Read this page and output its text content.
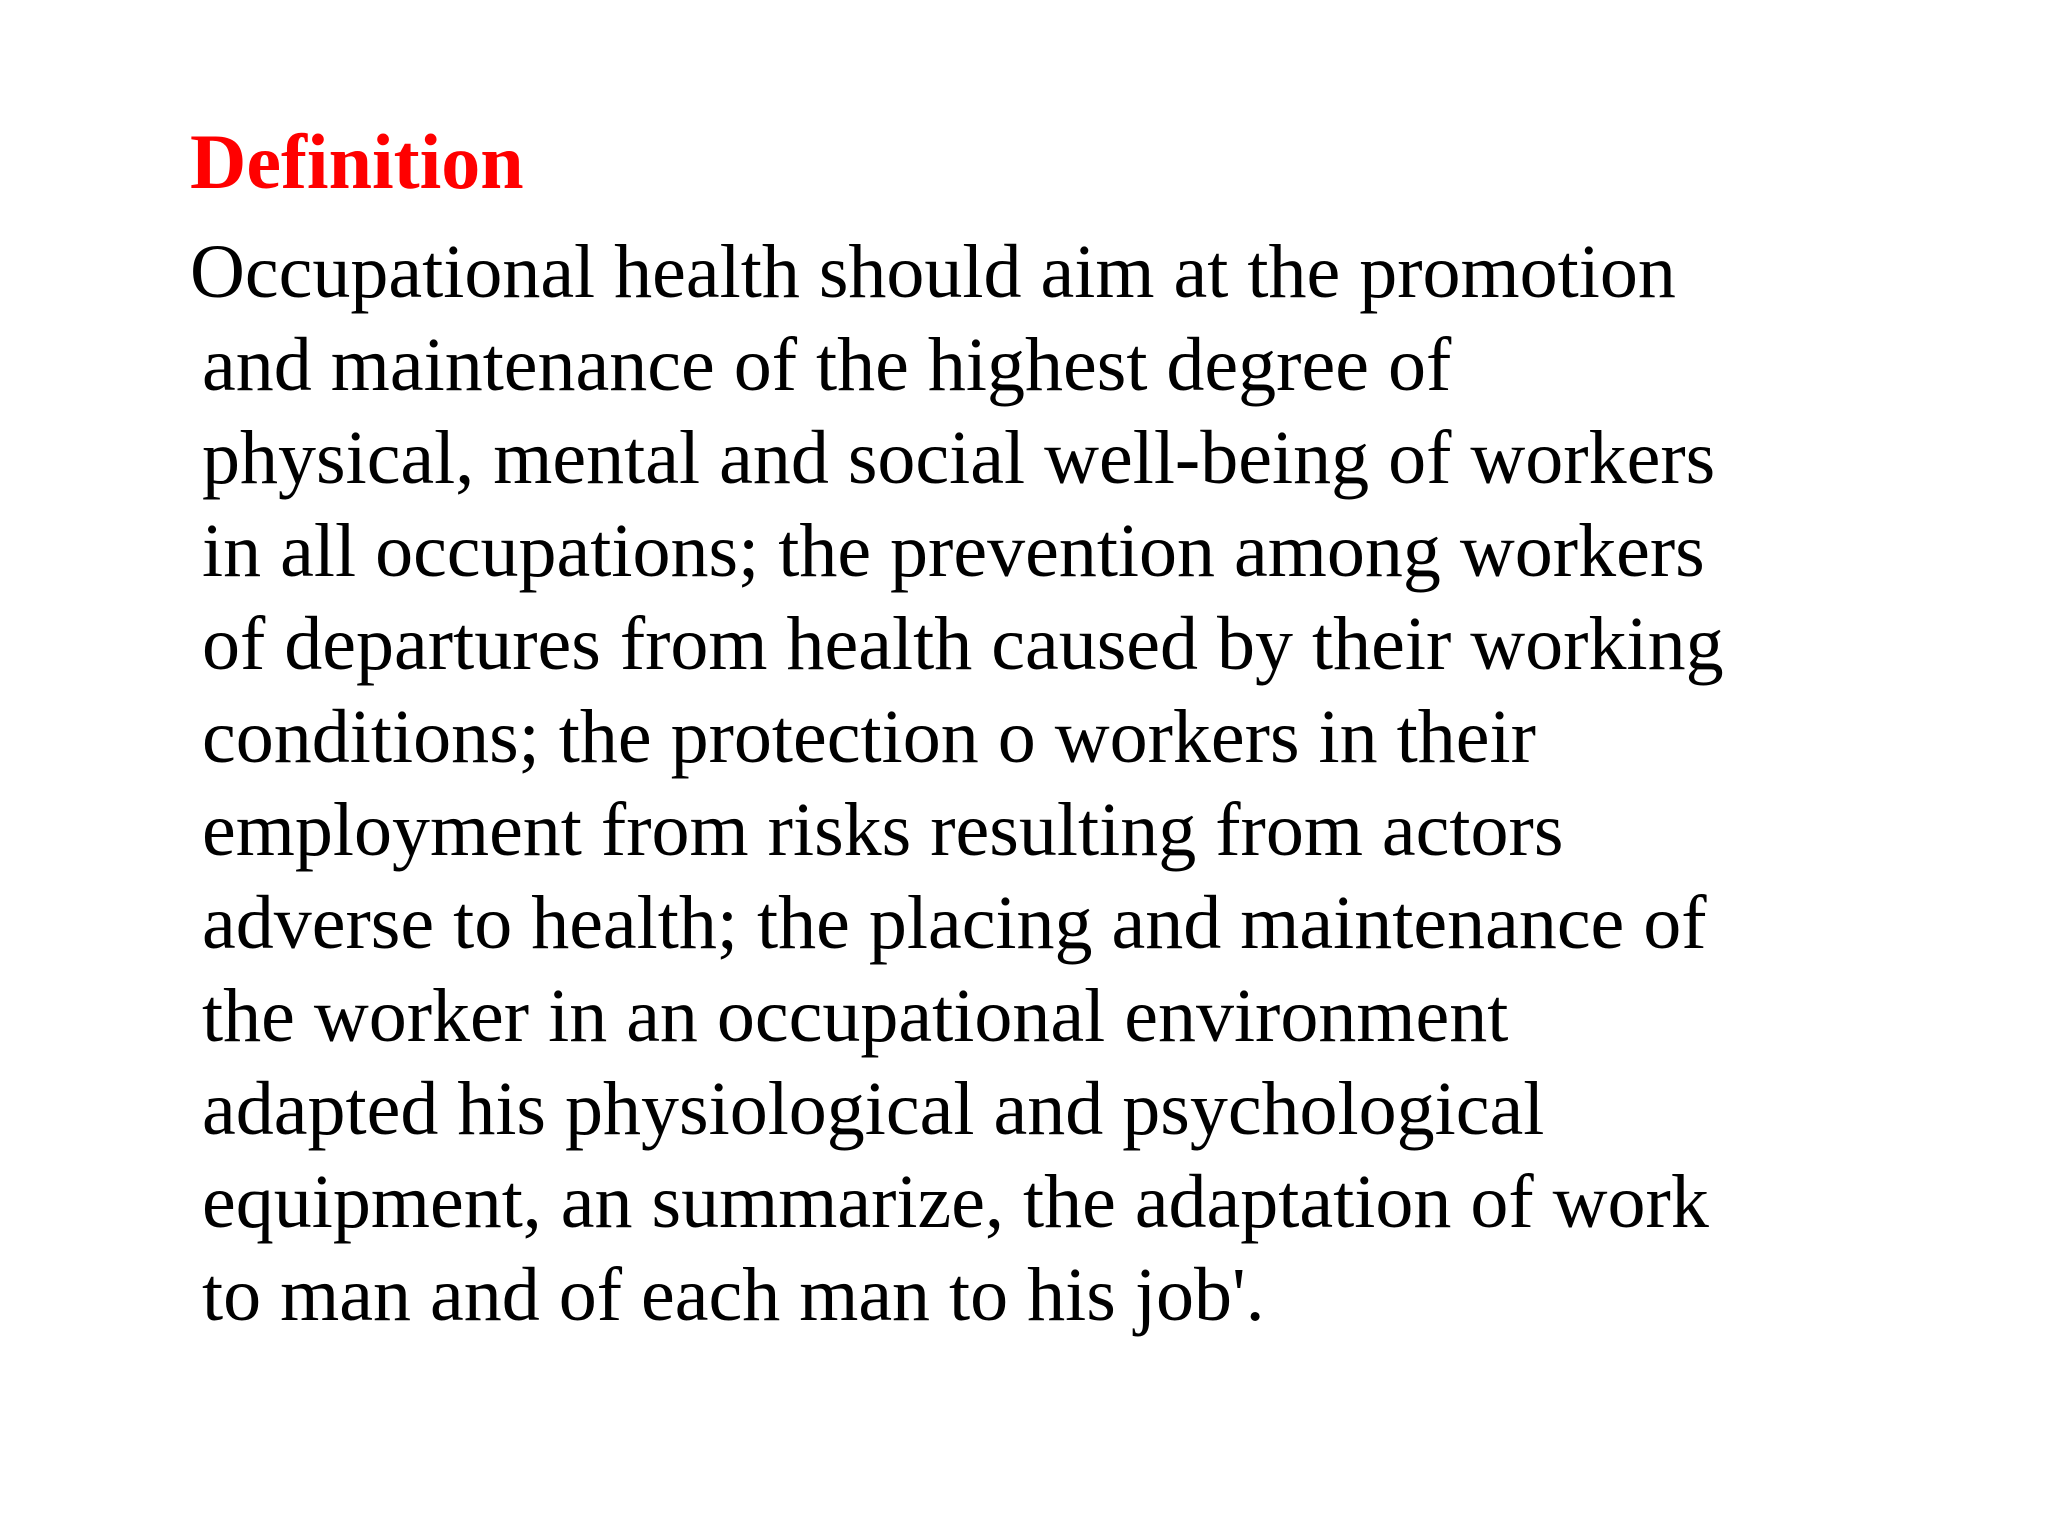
Definition
Occupational health should aim at the promotion
and maintenance of the highest degree of
physical, mental and social well-being of workers
in all occupations; the prevention among workers
of departures from health caused by their working
conditions; the protection o workers in their
employment from risks resulting from actors
adverse to health; the placing and maintenance of
the worker in an occupational environment
adapted his physiological and psychological
equipment, an summarize, the adaptation of work
to man and of each man to his job'.
